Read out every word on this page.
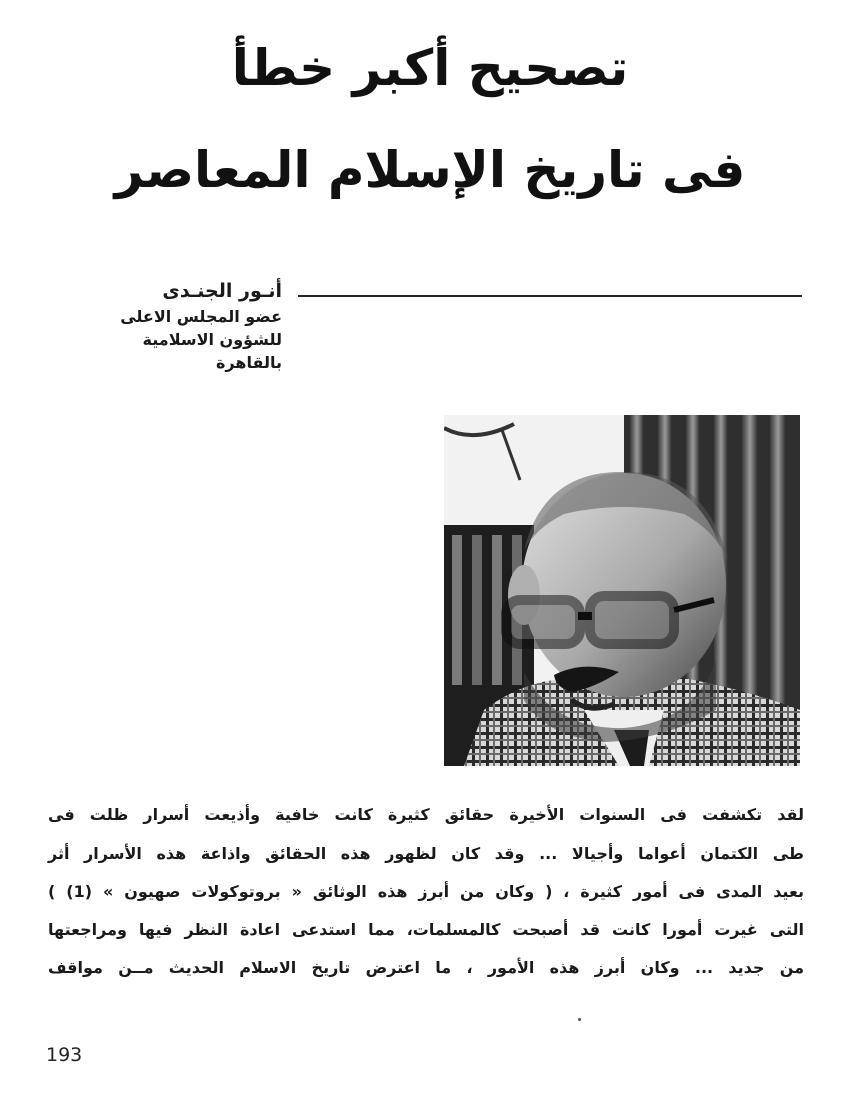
تصحيح أكبر خطأ
فى تاريخ الإسلام المعاصر
أنـور الجنـدى
عضو المجلس الاعلى
للشؤون الاسلامية
بالقاهرة
لقد تكشفت فى السنوات الأخيرة حقائق كثيرة كانت خافية وأذيعت أسرار ظلت فى
طى الكتمان أعواما وأجيالا ... وقد كان لظهور هذه الحقائق واذاعة هذه الأسرار أثر
بعيد المدى فى أمور كثيرة ، ( وكان من أبرز هذه الوثائق « بروتوكولات صهيون » (1) )
التى غيرت أمورا كانت قد أصبحت كالمسلمات، مما استدعى اعادة النظر فيها ومراجعتها
من جديد ... وكان أبرز هذه الأمور ، ما اعترض تاريخ الاسلام الحديث مــن مواقف
193
